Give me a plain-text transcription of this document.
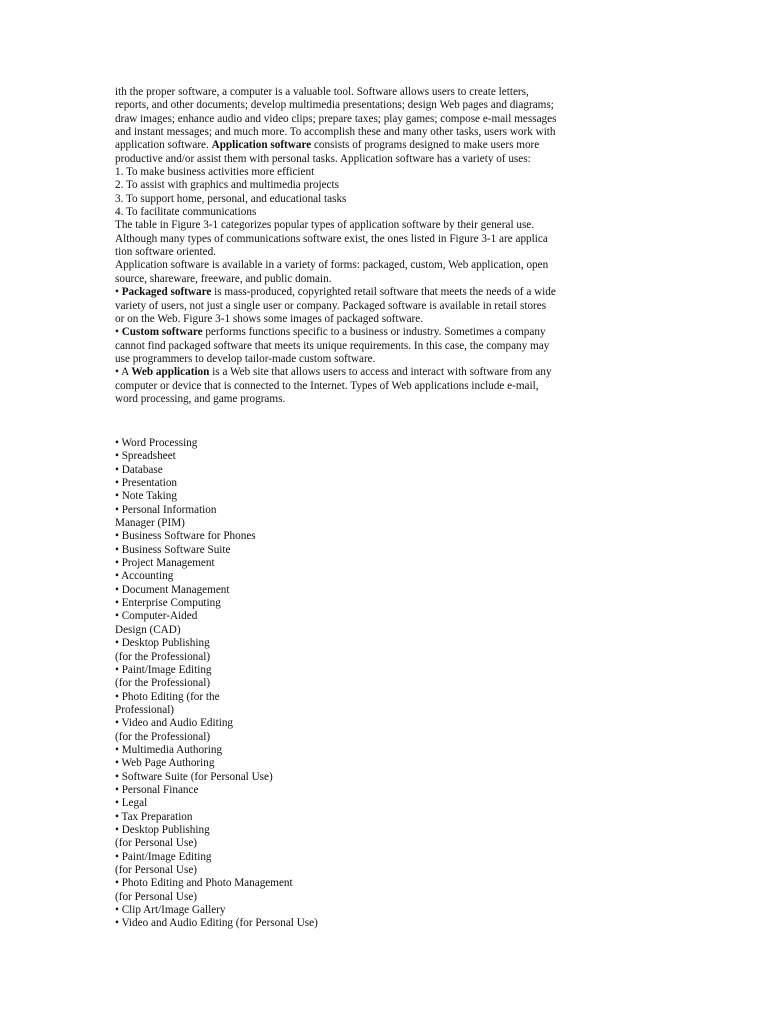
ith the proper software, a computer is a valuable tool. Software allows users to create letters,
reports, and other documents; develop multimedia presentations; design Web pages and diagrams;
draw images; enhance audio and video clips; prepare taxes; play games; compose e-mail messages
and instant messages; and much more. To accomplish these and many other tasks, users work with
application software. Application software consists of programs designed to make users more
productive and/or assist them with personal tasks. Application software has a variety of uses:
1. To make business activities more efficient
2. To assist with graphics and multimedia projects
3. To support home, personal, and educational tasks
4. To facilitate communications
The table in Figure 3-1 categorizes popular types of application software by their general use.
Although many types of communications software exist, the ones listed in Figure 3-1 are applica
tion software oriented.
Application software is available in a variety of forms: packaged, custom, Web application, open
source, shareware, freeware, and public domain.
• Packaged software is mass-produced, copyrighted retail software that meets the needs of a wide
variety of users, not just a single user or company. Packaged software is available in retail stores
or on the Web. Figure 3-1 shows some images of packaged software.
• Custom software performs functions specific to a business or industry. Sometimes a company
cannot find packaged software that meets its unique requirements. In this case, the company may
use programmers to develop tailor-made custom software.
• A Web application is a Web site that allows users to access and interact with software from any
computer or device that is connected to the Internet. Types of Web applications include e-mail,
word processing, and game programs.
• Word Processing
• Spreadsheet
• Database
• Presentation
• Note Taking
• Personal Information
Manager (PIM)
• Business Software for Phones
• Business Software Suite
• Project Management
• Accounting
• Document Management
• Enterprise Computing
• Computer-Aided
Design (CAD)
• Desktop Publishing
(for the Professional)
• Paint/Image Editing
(for the Professional)
• Photo Editing (for the
Professional)
• Video and Audio Editing
(for the Professional)
• Multimedia Authoring
• Web Page Authoring
• Software Suite (for Personal Use)
• Personal Finance
• Legal
• Tax Preparation
• Desktop Publishing
(for Personal Use)
• Paint/Image Editing
(for Personal Use)
• Photo Editing and Photo Management
(for Personal Use)
• Clip Art/Image Gallery
• Video and Audio Editing (for Personal Use)
